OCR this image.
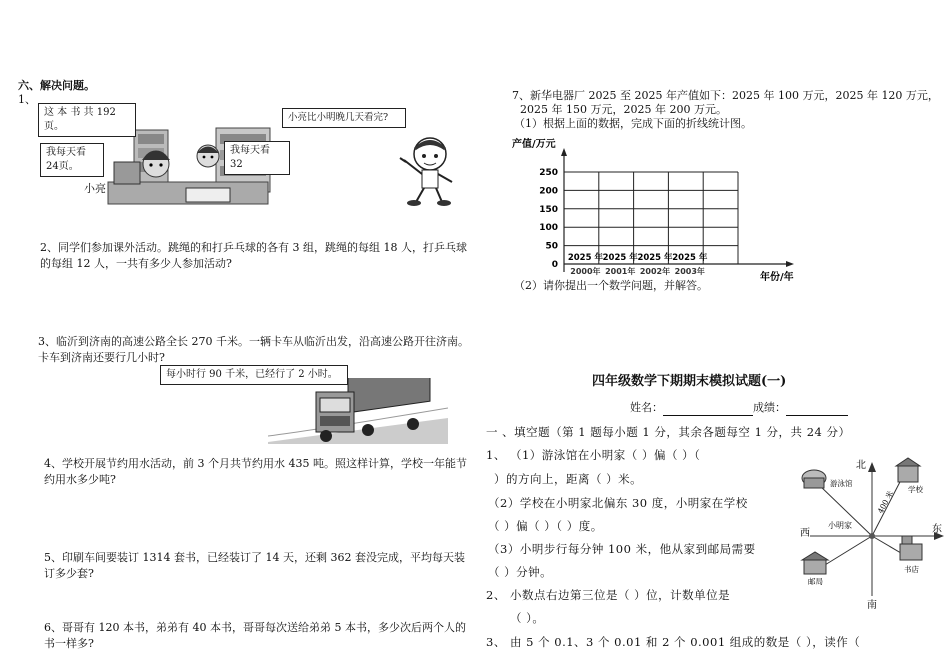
六、解决问题。
1、
这 本 书 共 192 页。
我每天看 24页。
我每天看 32
小亮
小亮比小明晚几天看完?
2、同学们参加课外活动。跳绳的和打乒乓球的各有 3 组，跳绳的每组 18 人，打乒乓球的每组 12 人，一共有多少人参加活动?
3、临沂到济南的高速公路全长 270 千米。一辆卡车从临沂出发，沿高速公路开往济南。卡车到济南还要行几小时?
每小时行 90 千米，已经行了 2 小时。
4、学校开展节约用水活动，前 3 个月共节约用水 435 吨。照这样计算，学校一年能节约用水多少吨?
5、印刷车间要装订 1314 套书，已经装订了 14 天，还剩 362 套没完成，平均每天装订多少套?
6、哥哥有 120 本书，弟弟有 40 本书，哥哥每次送给弟弟 5 本书，多少次后两个人的书一样多?
7、新华电器厂 2025 至 2025 年产值如下：2025 年 100 万元，2025 年 120 万元，
2025 年 150 万元，2025 年 200 万元。
（1）根据上面的数据，完成下面的折线统计图。
0
50
100
150
200
250
产值/万元
年份/年
2025 年
2000年
2025 年
2001年
2025 年
2002年
2025 年
2003年
（2）请你提出一个数学问题，并解答。
四年级数学下期期末模拟试题(一)
姓名：	成绩：
一 、填空题（第 1 题每小题 1 分，其余各题每空 1 分，共 24 分）
1、 （1）游泳馆在小明家（ ）偏（ ）（
）的方向上，距离（ ）米。
（2）学校在小明家北偏东 30 度，小明家在学校
（ ）偏（ ）（ ）度。
（3）小明步行每分钟 100 米，他从家到邮局需要
（ ）分钟。
2、 小数点右边第三位是（ ）位，计数单位是
（ ）。
3、 由 5 个 0.1、3 个 0.01 和 2 个 0.001 组成的数是（ ），读作（
北
南
东
西
小明家
游泳馆
学校
邮局
书店
400 米
